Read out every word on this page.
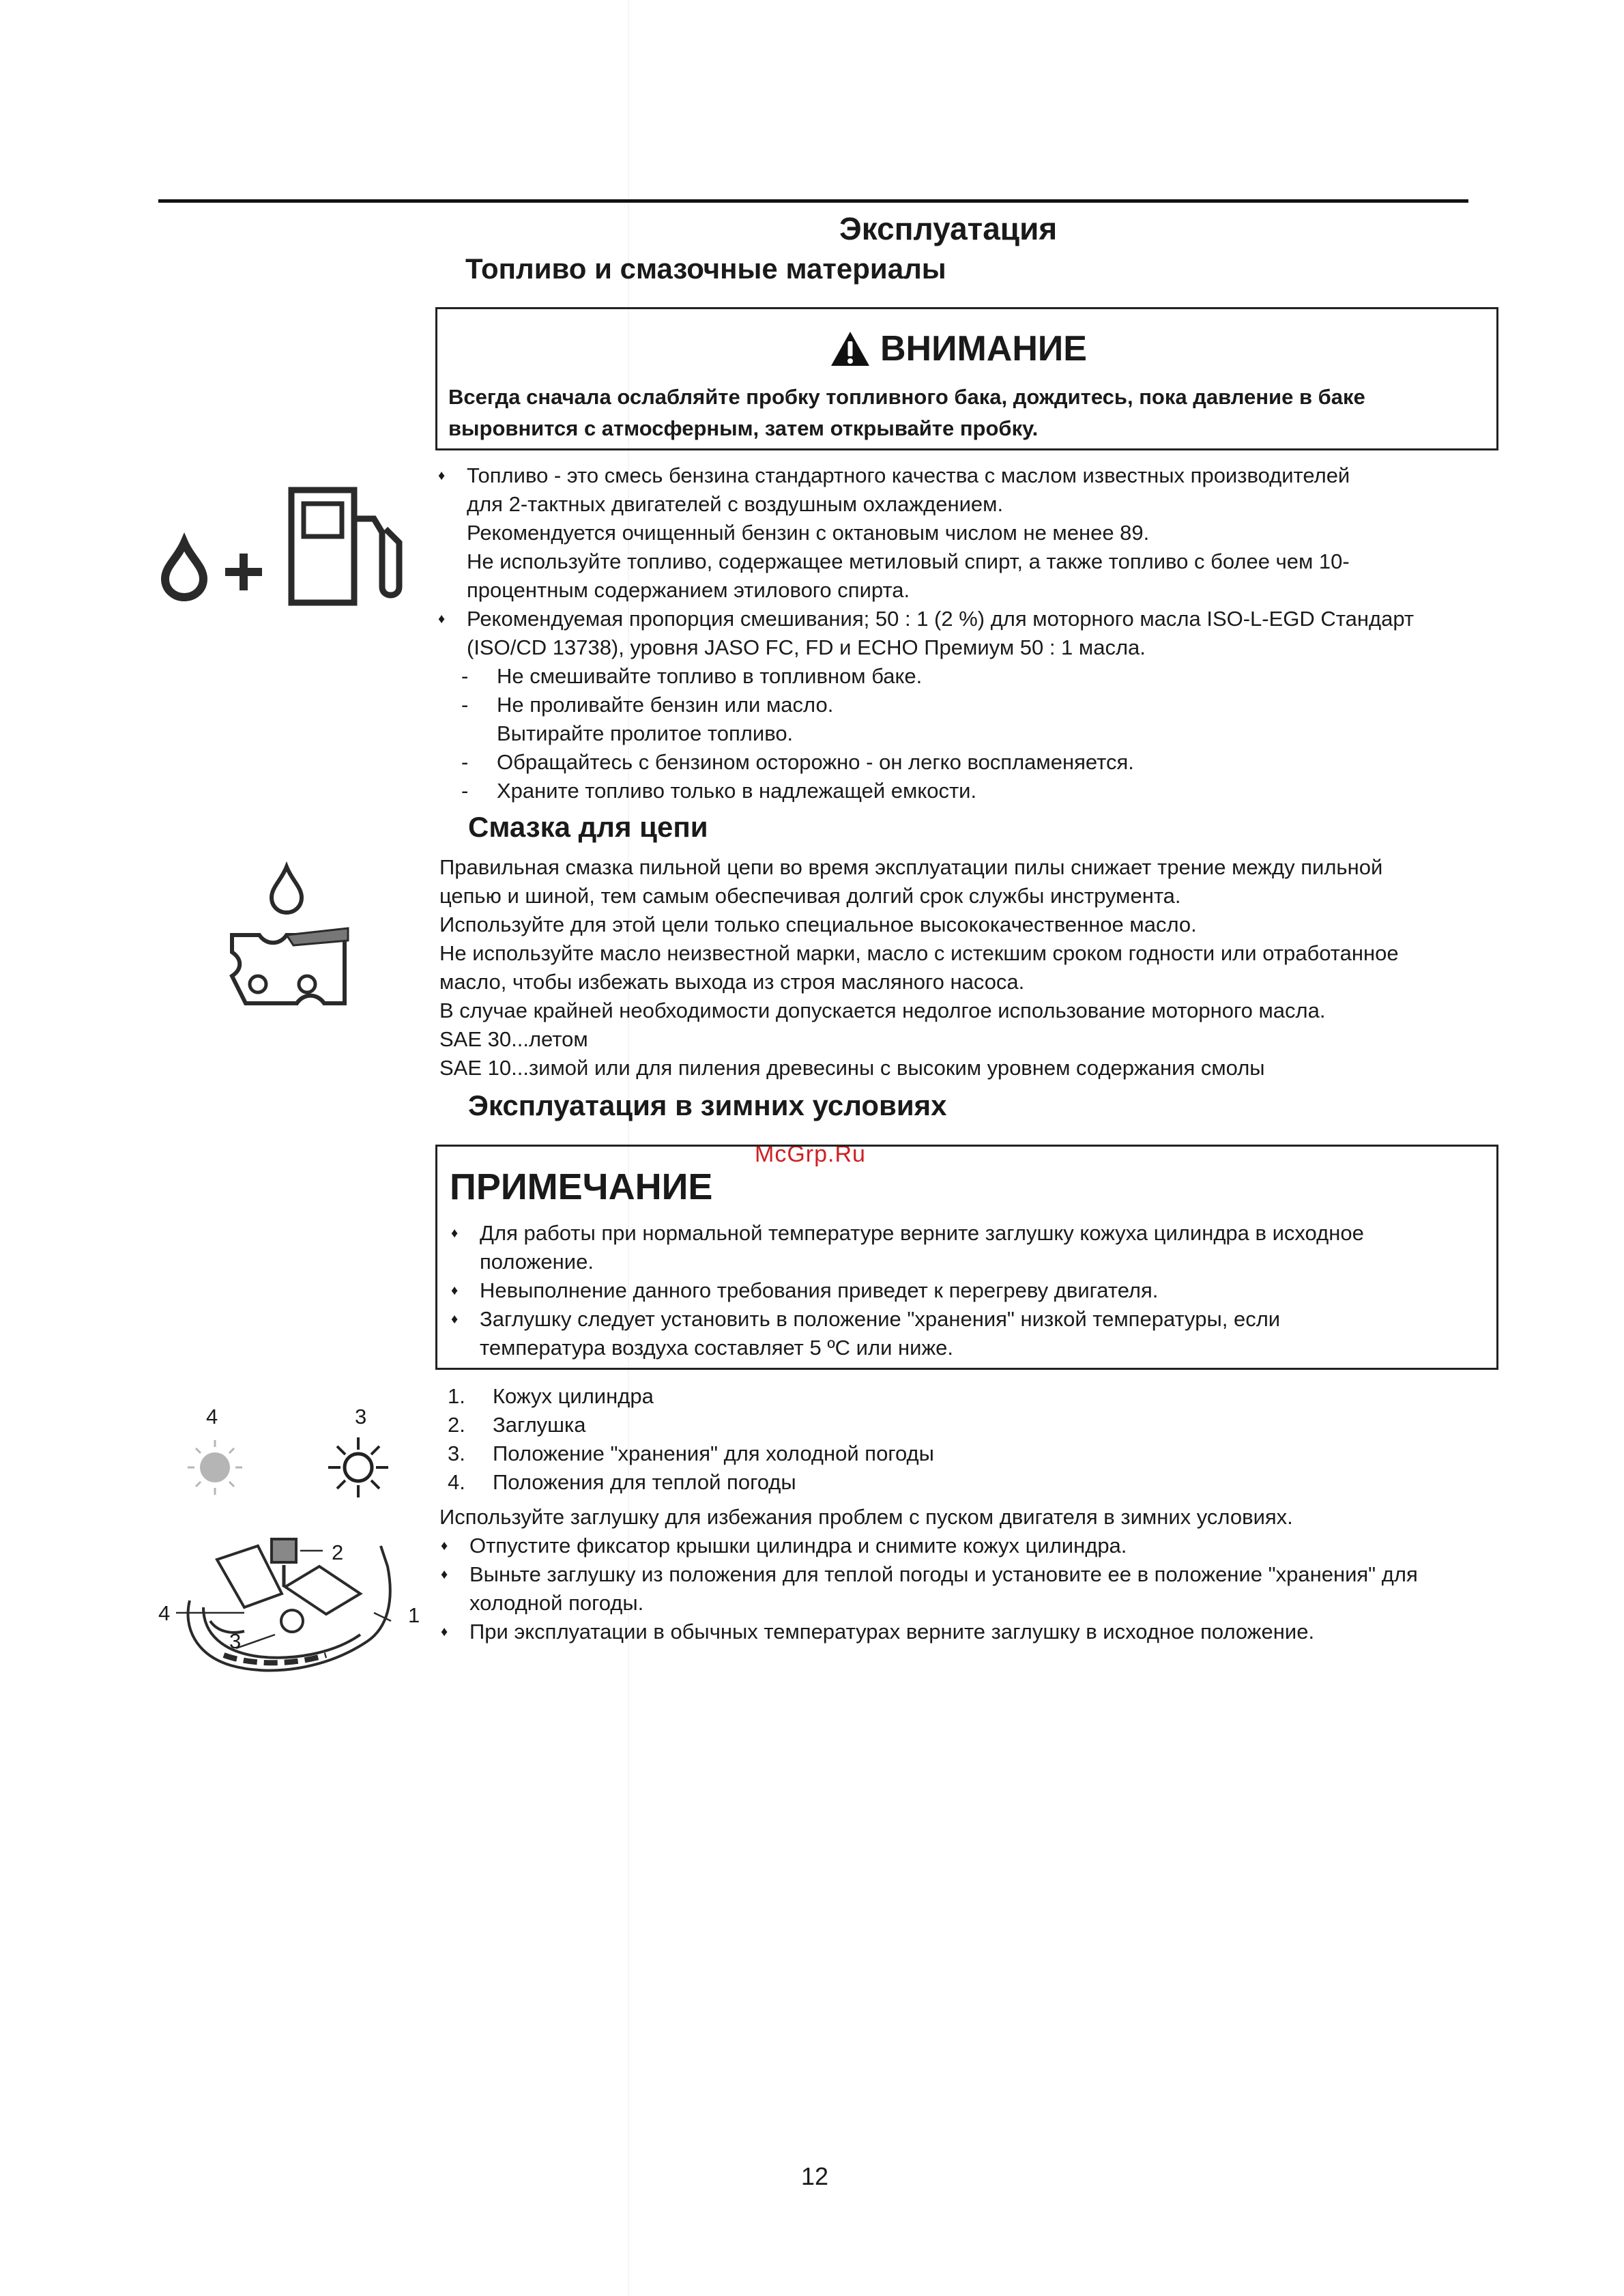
Эксплуатация
Топливо и смазочные материалы
ВНИМАНИЕ
Всегда сначала ослабляйте пробку топливного бака, дождитесь, пока давление в баке
выровнится с атмосферным, затем открывайте пробку.
♦ Топливо - это смесь бензина стандартного качества с маслом известных производителей
для 2-тактных двигателей с воздушным охлаждением.
Рекомендуется очищенный бензин с октановым числом не менее 89.
Не используйте топливо, содержащее метиловый спирт, а также топливо с более чем 10-
процентным содержанием этилового спирта.
♦ Рекомендуемая пропорция смешивания; 50 : 1 (2 %) для моторного масла ISO-L-EGD Стандарт
(ISO/CD 13738), уровня JASO FC, FD и ECHO Премиум 50 : 1 масла.
- Не смешивайте топливо в топливном баке.
- Не проливайте бензин или масло.
Вытирайте пролитое топливо.
- Обращайтесь с бензином осторожно - он легко воспламеняется.
- Храните топливо только в надлежащей емкости.
Смазка для цепи
Правильная смазка пильной цепи во время эксплуатации пилы снижает трение между пильной
цепью и шиной, тем самым обеспечивая долгий срок службы инструмента.
Используйте для этой цели только специальное высококачественное масло.
Не используйте масло неизвестной марки, масло с истекшим сроком годности или отработанное
масло, чтобы избежать выхода из строя масляного насоса.
В случае крайней необходимости допускается недолгое использование моторного масла.
SAE 30...летом
SAE 10...зимой или для пиления древесины с высоким уровнем содержания смолы
Эксплуатация в зимних условиях
McGrp.Ru
ПРИМЕЧАНИЕ
♦ Для работы при нормальной температуре верните заглушку кожуха цилиндра в исходное
положение.
♦ Невыполнение данного требования приведет к перегреву двигателя.
♦ Заглушку следует установить в положение "хранения" низкой температуры, если
температура воздуха составляет 5 ºC или ниже.
1. Кожух цилиндра
2. Заглушка
3. Положение "хранения" для холодной погоды
4. Положения для теплой погоды
Используйте заглушку для избежания проблем с пуском двигателя в зимних условиях.
♦ Отпустите фиксатор крышки цилиндра и снимите кожух цилиндра.
♦ Выньте заглушку из положения для теплой погоды и установите ее в положение "хранения" для
холодной погоды.
♦ При эксплуатации в обычных температурах верните заглушку в исходное положение.
4	3
2
4
3
1
12
